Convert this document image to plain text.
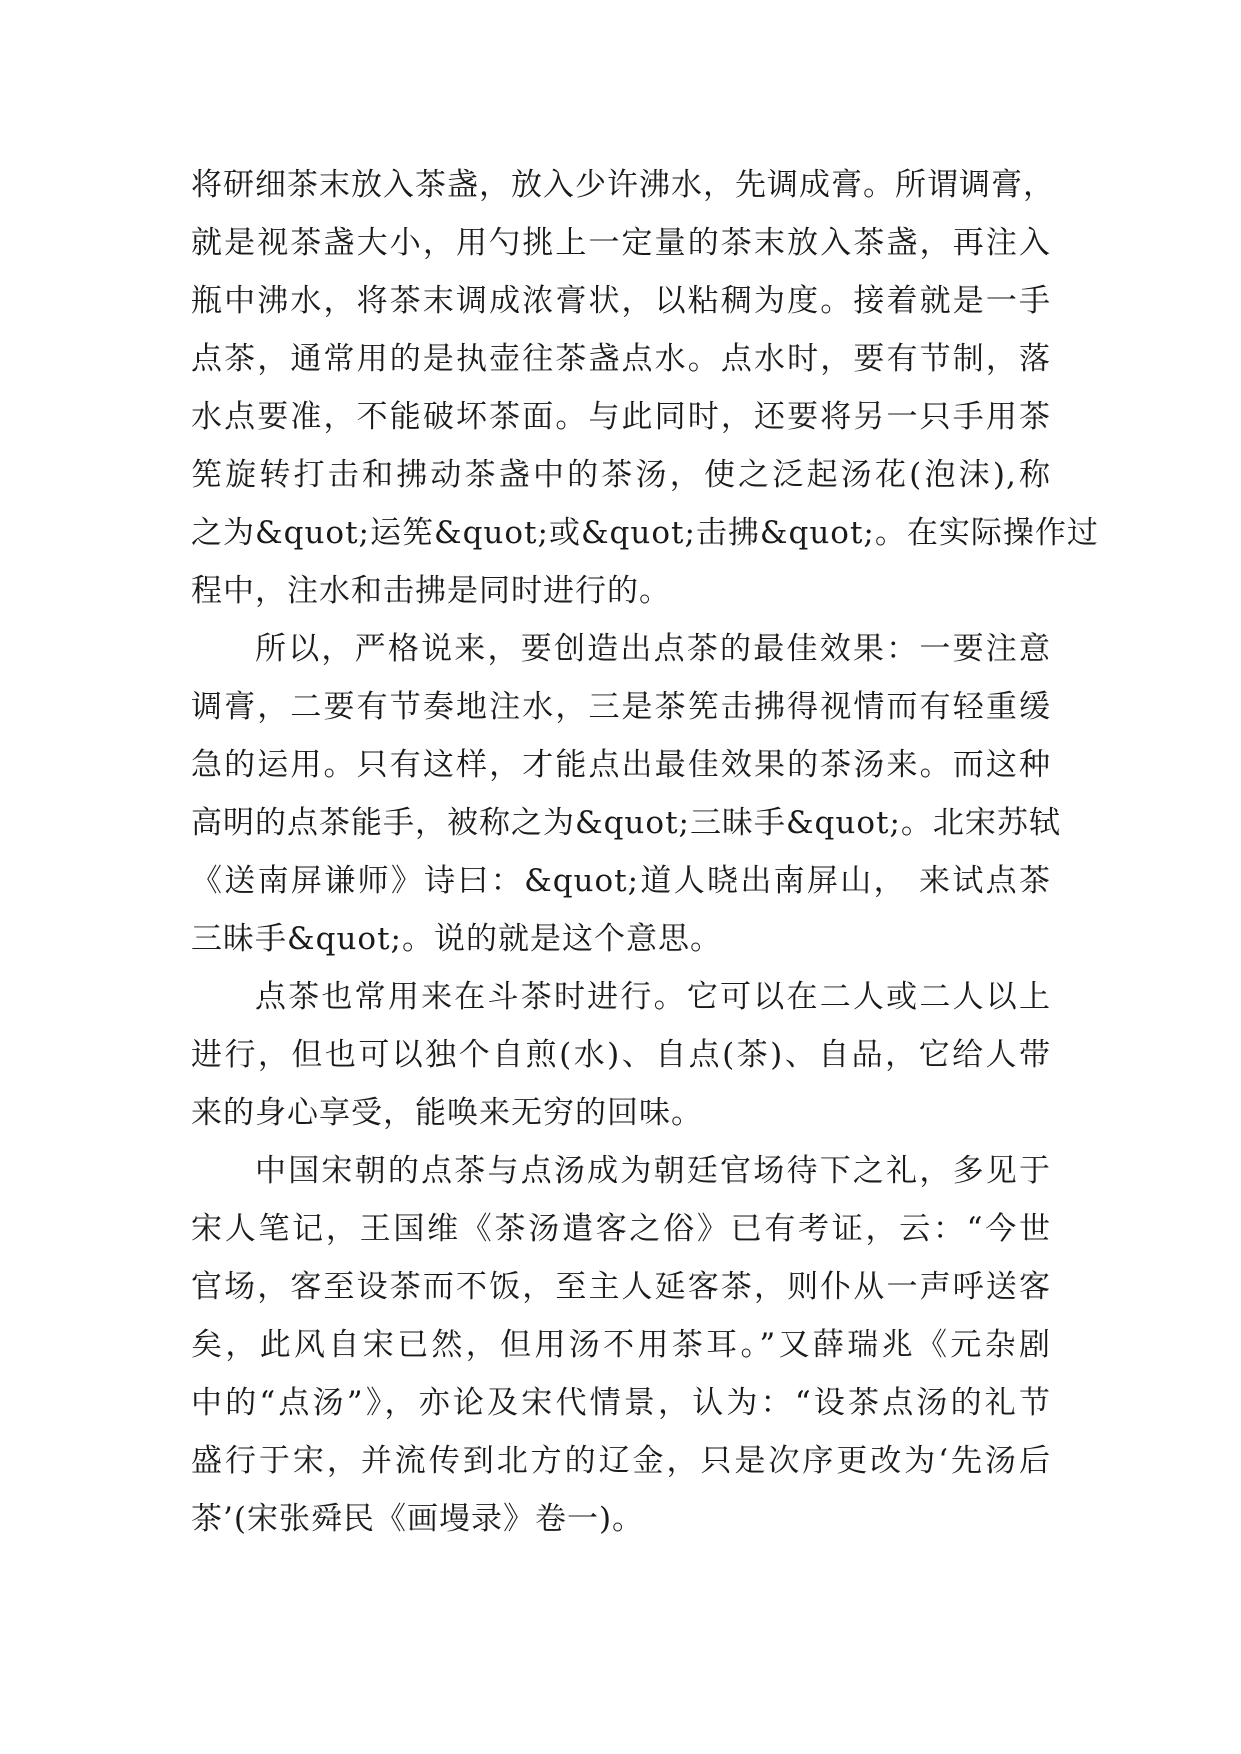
将研细茶末放入茶盏，放入少许沸水，先调成膏。所谓调膏，
就是视茶盏大小，用勺挑上一定量的茶末放入茶盏，再注入
瓶中沸水，将茶末调成浓膏状，以粘稠为度。接着就是一手
点茶，通常用的是执壶往茶盏点水。点水时，要有节制，落
水点要准，不能破坏茶面。与此同时，还要将另一只手用茶
筅旋转打击和拂动茶盏中的茶汤，使之泛起汤花(泡沫),称
之为&quot;运筅&quot;或&quot;击拂&quot;。在实际操作过
程中，注水和击拂是同时进行的。
所以，严格说来，要创造出点茶的最佳效果：一要注意
调膏，二要有节奏地注水，三是茶筅击拂得视情而有轻重缓
急的运用。只有这样，才能点出最佳效果的茶汤来。而这种
高明的点茶能手，被称之为&quot;三昧手&quot;。北宋苏轼
《送南屏谦师》诗曰：&quot;道人晓出南屏山， 来试点茶
三昧手&quot;。说的就是这个意思。
点茶也常用来在斗茶时进行。它可以在二人或二人以上
进行，但也可以独个自煎(水)、自点(茶)、自品，它给人带
来的身心享受，能唤来无穷的回味。
中国宋朝的点茶与点汤成为朝廷官场待下之礼，多见于
宋人笔记，王国维《茶汤遣客之俗》已有考证，云：“今世
官场，客至设茶而不饭，至主人延客茶，则仆从一声呼送客
矣，此风自宋已然，但用汤不用茶耳。”又薛瑞兆《元杂剧
中的“点汤”》，亦论及宋代情景，认为：“设茶点汤的礼节
盛行于宋，并流传到北方的辽金，只是次序更改为‘先汤后
茶’(宋张舜民《画墁录》卷一)。
